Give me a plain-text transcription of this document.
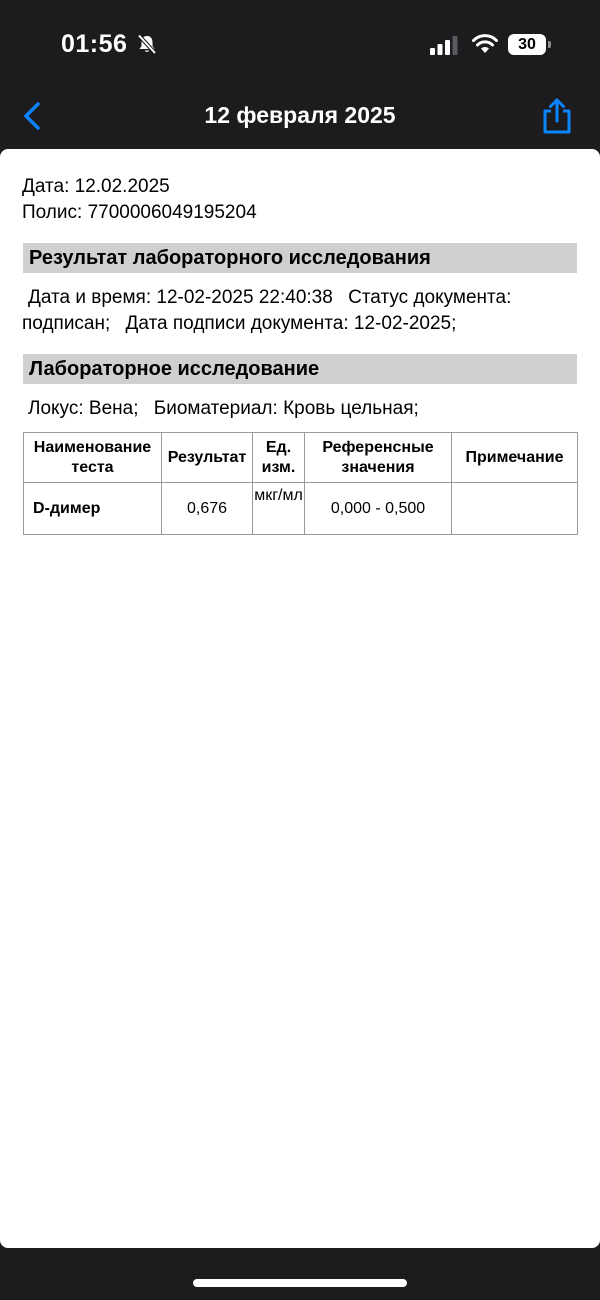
01:56	30
12 февраля 2025
Дата: 12.02.2025
Полис: 7700006049195204
Результат лабораторного исследования
Дата и время: 12-02-2025 22:40:38 Статус документа: подписан; Дата подписи документа: 12-02-2025;
Лабораторное исследование
Локус: Вена; Биоматериал: Кровь цельная;
Наименование теста	Результат	Ед. изм.	Референсные значения	Примечание
D-димер	0,676	мкг/мл	0,000 - 0,500	
